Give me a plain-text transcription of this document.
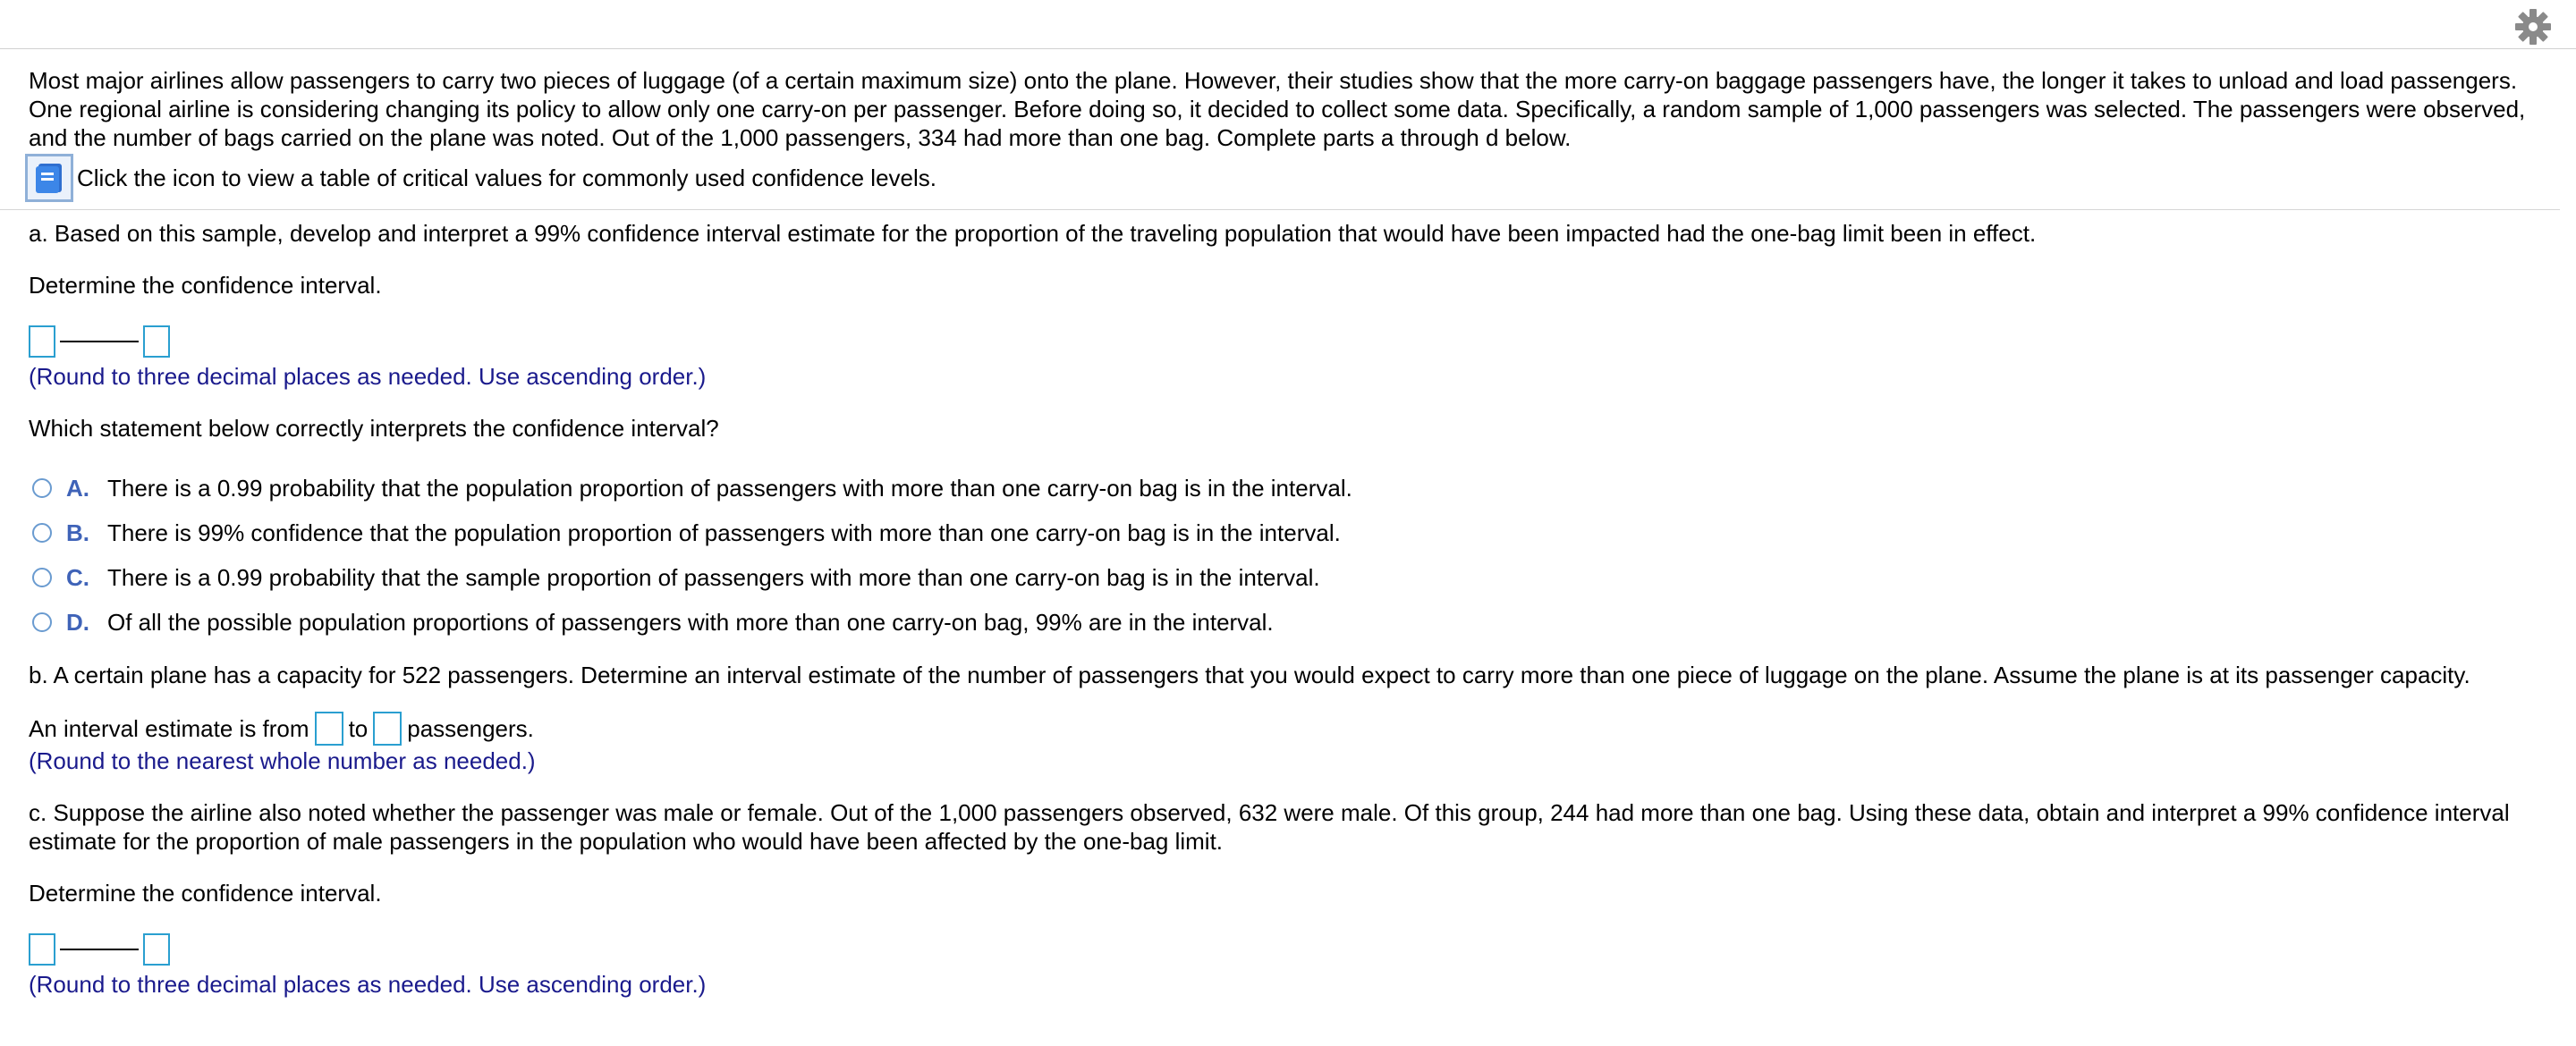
Most major airlines allow passengers to carry two pieces of luggage (of a certain maximum size) onto the plane. However, their studies show that the more carry-on baggage passengers have, the longer it takes to unload and load passengers.

One regional airline is considering changing its policy to allow only one carry-on per passenger. Before doing so, it decided to collect some data. Specifically, a random sample of 1,000 passengers was selected. The passengers were observed,

and the number of bags carried on the plane was noted. Out of the 1,000 passengers, 334 had more than one bag. Complete parts a through d below.

Click the icon to view a table of critical values for commonly used confidence levels.

a. Based on this sample, develop and interpret a 99% confidence interval estimate for the proportion of the traveling population that would have been impacted had the one-bag limit been in effect.

Determine the confidence interval.

(Round to three decimal places as needed. Use ascending order.)

Which statement below correctly interprets the confidence interval?

A. There is a 0.99 probability that the population proportion of passengers with more than one carry-on bag is in the interval.
B. There is 99% confidence that the population proportion of passengers with more than one carry-on bag is in the interval.
C. There is a 0.99 probability that the sample proportion of passengers with more than one carry-on bag is in the interval.
D. Of all the possible population proportions of passengers with more than one carry-on bag, 99% are in the interval.

b. A certain plane has a capacity for 522 passengers. Determine an interval estimate of the number of passengers that you would expect to carry more than one piece of luggage on the plane. Assume the plane is at its passenger capacity.

An interval estimate is from to passengers.

(Round to the nearest whole number as needed.)

c. Suppose the airline also noted whether the passenger was male or female. Out of the 1,000 passengers observed, 632 were male. Of this group, 244 had more than one bag. Using these data, obtain and interpret a 99% confidence interval

estimate for the proportion of male passengers in the population who would have been affected by the one-bag limit.

Determine the confidence interval.

(Round to three decimal places as needed. Use ascending order.)
